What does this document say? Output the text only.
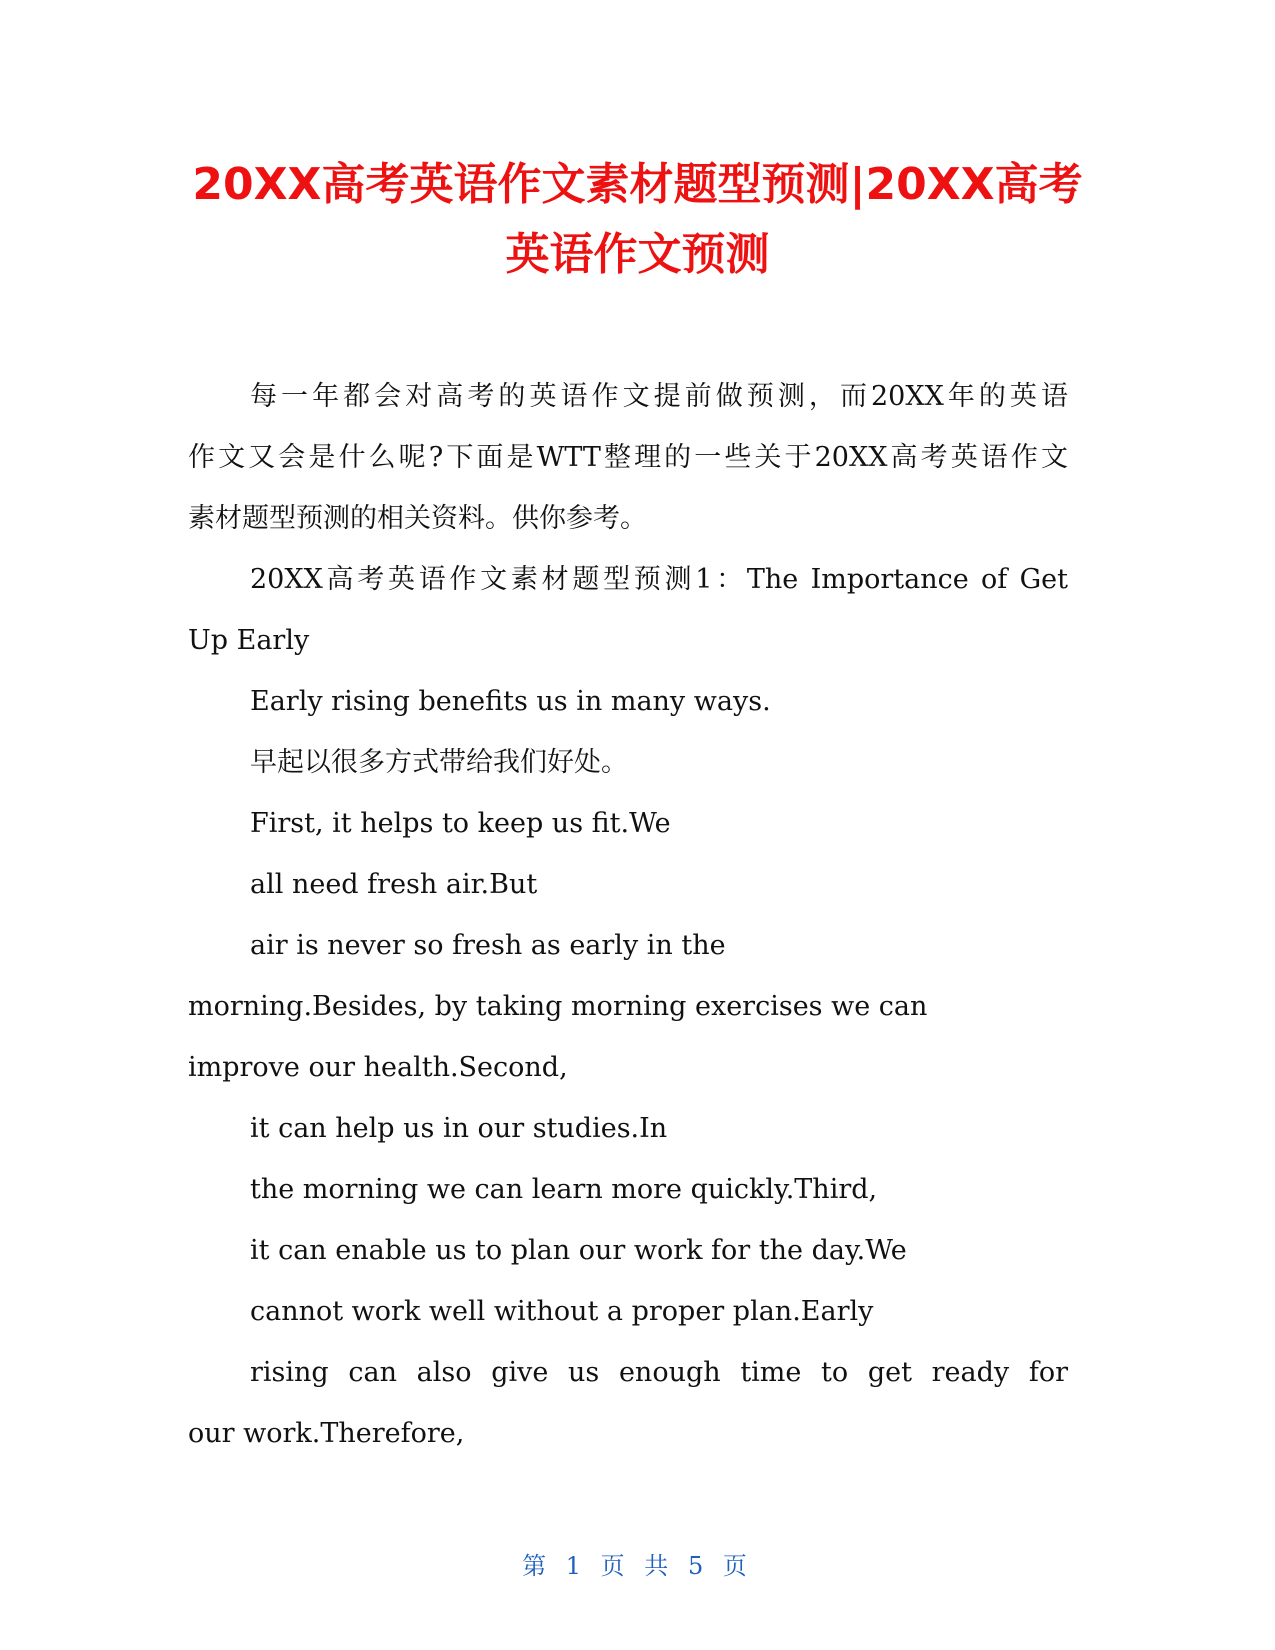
20XX高考英语作文素材题型预测|20XX高考
英语作文预测
每一年都会对高考的英语作文提前做预测，而20XX年的英语
作文又会是什么呢?下面是WTT整理的一些关于20XX高考英语作文
素材题型预测的相关资料。供你参考。
20XX高考英语作文素材题型预测1：The Importance of Get
Up Early
Early rising benefits us in many ways.
早起以很多方式带给我们好处。
First, it helps to keep us fit.We
all need fresh air.But
air is never so fresh as early in the
morning.Besides, by taking morning exercises we can
improve our health.Second,
it can help us in our studies.In
the morning we can learn more quickly.Third,
it can enable us to plan our work for the day.We
cannot work well without a proper plan.Early
rising can also give us enough time to get ready for
our work.Therefore,
第 1 页 共 5 页
